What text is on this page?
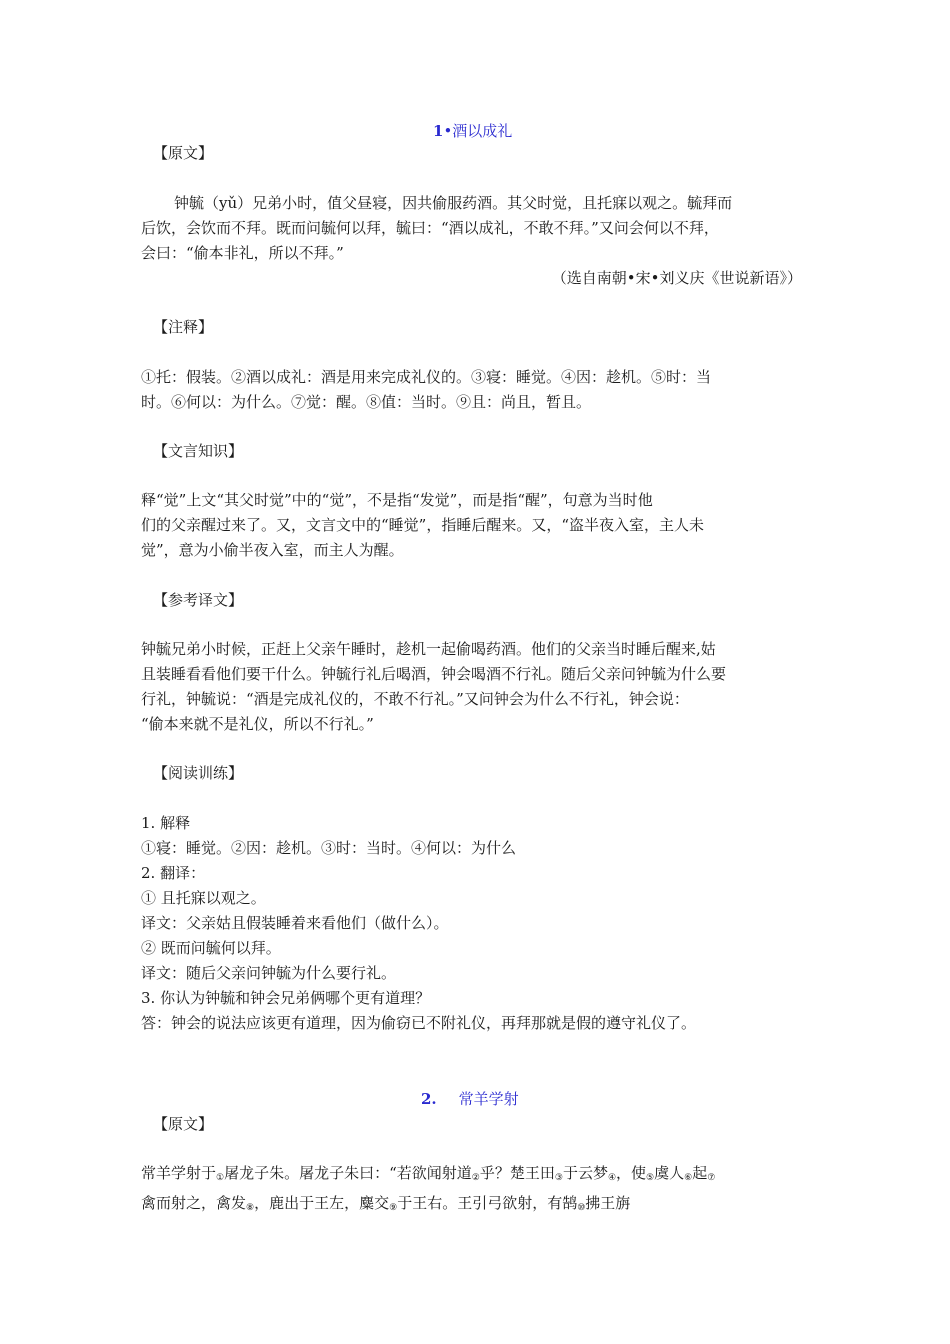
1•酒以成礼
【原文】
钟毓（yǔ）兄弟小时，值父昼寝，因共偷服药酒。其父时觉，且托寐以观之。毓拜而
后饮，会饮而不拜。既而问毓何以拜，毓曰：“酒以成礼，不敢不拜。”又问会何以不拜，
会曰：“偷本非礼，所以不拜。”
（选自南朝•宋•刘义庆《世说新语》）
【注释】
①托：假装。②酒以成礼：酒是用来完成礼仪的。③寝：睡觉。④因：趁机。⑤时：当
时。⑥何以：为什么。⑦觉：醒。⑧值：当时。⑨且：尚且，暂且。
【文言知识】
释“觉”上文“其父时觉”中的“觉”，不是指“发觉”，而是指“醒”，句意为当时他
们的父亲醒过来了。又，文言文中的“睡觉”，指睡后醒来。又，“盗半夜入室，主人未
觉”，意为小偷半夜入室，而主人为醒。
【参考译文】
钟毓兄弟小时候，正赶上父亲午睡时，趁机一起偷喝药酒。他们的父亲当时睡后醒来,姑
且装睡看看他们要干什么。钟毓行礼后喝酒，钟会喝酒不行礼。随后父亲问钟毓为什么要
行礼，钟毓说：“酒是完成礼仪的，不敢不行礼。”又问钟会为什么不行礼，钟会说：
“偷本来就不是礼仪，所以不行礼。”
【阅读训练】
1. 解释
①寝：睡觉。②因：趁机。③时：当时。④何以：为什么
2. 翻译：
① 且托寐以观之。
译文：父亲姑且假装睡着来看他们（做什么）。
② 既而问毓何以拜。
译文：随后父亲问钟毓为什么要行礼。
3. 你认为钟毓和钟会兄弟俩哪个更有道理？
答：钟会的说法应该更有道理，因为偷窃已不附礼仪，再拜那就是假的遵守礼仪了。
2. 常羊学射
【原文】
常羊学射于$_①$屠龙子朱。屠龙子朱曰：“若欲闻射道$_②$乎？楚王田$_③$于云梦$_④$，使$_⑤$虞人$_⑥$起$_⑦$
禽而射之，禽发$_⑧$，鹿出于王左，麋交$_⑨$于王右。王引弓欲射，有鹄$_⑩$拂王旃
